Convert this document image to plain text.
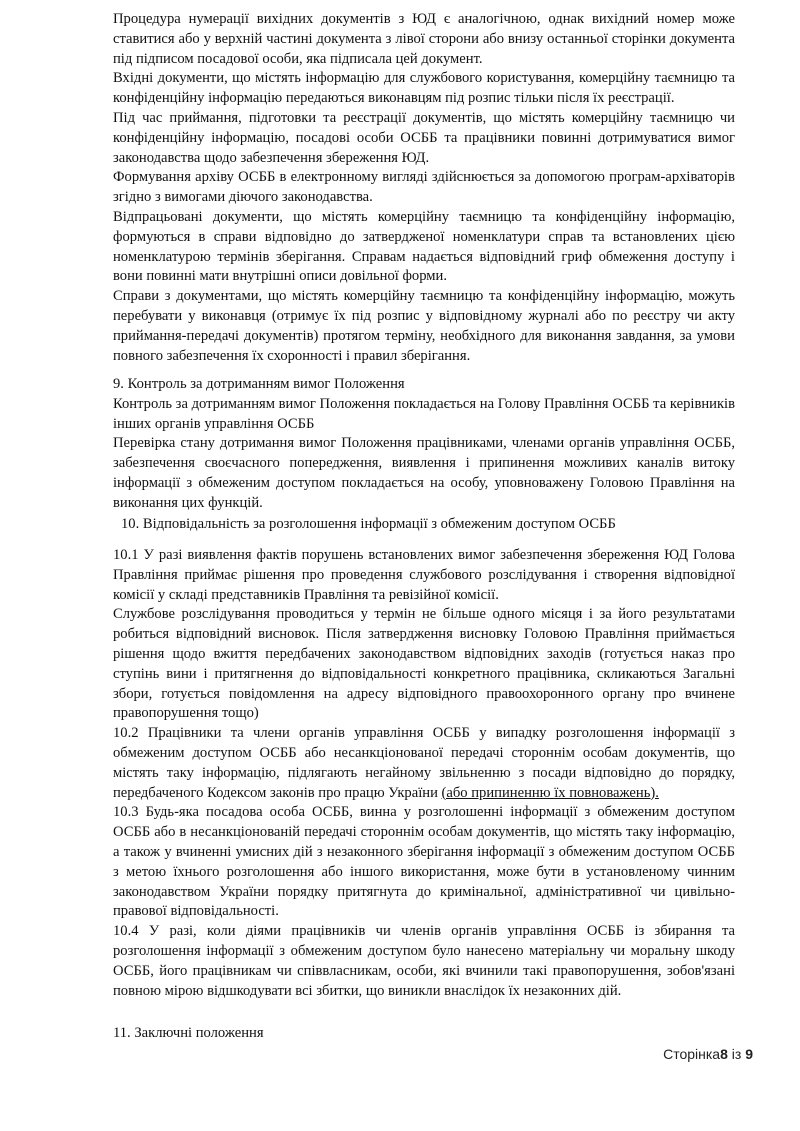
Процедура нумерації вихідних документів з ЮД є аналогічною, однак вихідний номер може ставитися або у верхній частині документа з лівої сторони або внизу останньої сторінки документа під підписом посадової особи, яка підписала цей документ.

Вхідні документи, що містять інформацію для службового користування, комерційну таємницю та конфіденційну інформацію передаються виконавцям під розпис тільки після їх реєстрації.

Під час приймання, підготовки та реєстрації документів, що містять комерційну таємницю чи конфіденційну інформацію, посадові особи ОСББ та працівники повинні дотримуватися вимог законодавства щодо забезпечення збереження ЮД.

Формування архіву ОСББ в електронному вигляді здійснюється за допомогою програм-архіваторів згідно з вимогами діючого законодавства.

Відпрацьовані документи, що містять комерційну таємницю та конфіденційну інформацію, формуються в справи відповідно до затвердженої номенклатури справ та встановлених цією номенклатурою термінів зберігання. Справам надається відповідний гриф обмеження доступу і вони повинні мати внутрішні описи довільної форми.

Справи з документами, що містять комерційну таємницю та конфіденційну інформацію, можуть перебувати у виконавця (отримує їх під розпис у відповідному журналі або по реєстру чи акту приймання-передачі документів) протягом терміну, необхідного для виконання завдання, за умови повного забезпечення їх схоронності і правил зберігання.

9. Контроль за дотриманням вимог Положення

Контроль за дотриманням вимог Положення покладається на Голову Правління ОСББ та керівників інших органів управління ОСББ

Перевірка стану дотримання вимог Положення працівниками, членами органів управління ОСББ, забезпечення своєчасного попередження, виявлення і припинення можливих каналів витоку інформації з обмеженим доступом покладається на особу, уповноважену Головою Правління на виконання цих функцій.

10. Відповідальність за розголошення інформації з обмеженим доступом ОСББ

10.1 У разі виявлення фактів порушень встановлених вимог забезпечення збереження ЮД Голова Правління приймає рішення про проведення службового розслідування і створення відповідної комісії у складі представників Правління та ревізійної комісії.

Службове розслідування проводиться у термін не більше одного місяця і за його результатами робиться відповідний висновок. Після затвердження висновку Головою Правління приймається рішення щодо вжиття передбачених законодавством відповідних заходів (готується наказ про ступінь вини і притягнення до відповідальності конкретного працівника, скликаються Загальні збори, готується повідомлення на адресу відповідного правоохоронного органу про вчинене правопорушення тощо)

10.2 Працівники та члени органів управління ОСББ у випадку розголошення інформації з обмеженим доступом ОСББ або несанкціонованої передачі стороннім особам документів, що містять таку інформацію, підлягають негайному звільненню з посади відповідно до порядку, передбаченого Кодексом законів про працю України (або припиненню їх повноважень).

10.3 Будь-яка посадова особа ОСББ, винна у розголошенні інформації з обмеженим доступом ОСББ або в несанкціонованій передачі стороннім особам документів, що містять таку інформацію, а також у вчиненні умисних дій з незаконного зберігання інформації з обмеженим доступом ОСББ з метою їхнього розголошення або іншого використання, може бути в установленому чинним законодавством України порядку притягнута до кримінальної, адміністративної чи цивільно-правової відповідальності.

10.4 У разі, коли діями працівників чи членів органів управління ОСББ із збирання та розголошення інформації з обмеженим доступом було нанесено матеріальну чи моральну шкоду ОСББ, його працівникам чи співвласникам, особи, які вчинили такі правопорушення, зобов'язані повною мірою відшкодувати всі збитки, що виникли внаслідок їх незаконних дій.

11. Заключні положення

Сторінка8 із 9
